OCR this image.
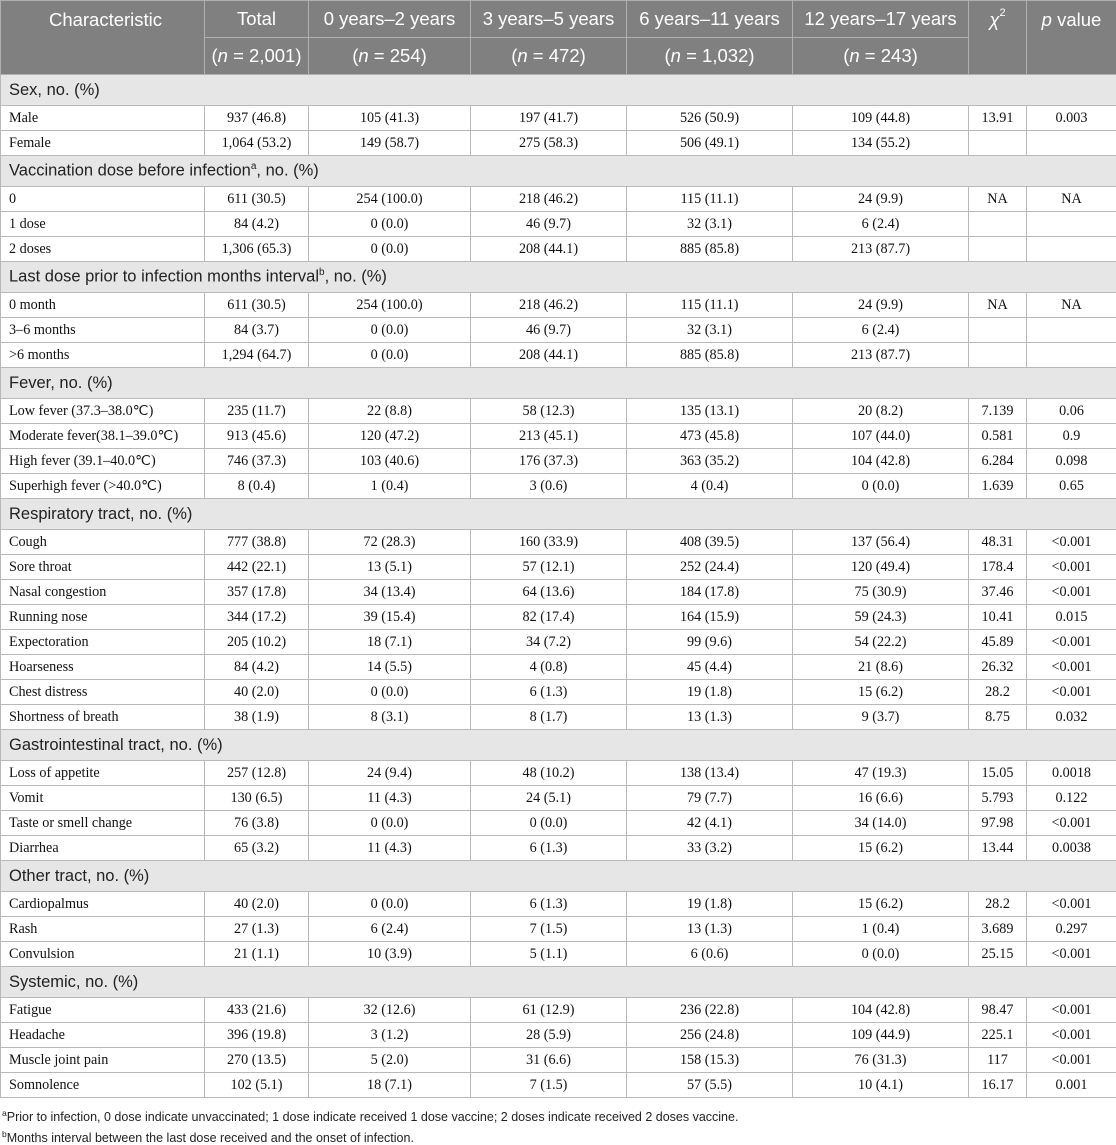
Characteristic	Total	0 years–2 years	3 years–5 years	6 years–11 years	12 years–17 years	$\chi^2$	p value
	(n = 2,001)	(n = 254)	(n = 472)	(n = 1,032)	(n = 243)		
Sex, no. (%)							
Male	937 (46.8)	105 (41.3)	197 (41.7)	526 (50.9)	109 (44.8)	13.91	0.003
Female	1,064 (53.2)	149 (58.7)	275 (58.3)	506 (49.1)	134 (55.2)		
Vaccination dose before infection$^a$, no. (%)							
0	611 (30.5)	254 (100.0)	218 (46.2)	115 (11.1)	24 (9.9)	NA	NA
1 dose	84 (4.2)	0 (0.0)	46 (9.7)	32 (3.1)	6 (2.4)		
2 doses	1,306 (65.3)	0 (0.0)	208 (44.1)	885 (85.8)	213 (87.7)		
Last dose prior to infection months interval$^b$, no. (%)							
0 month	611 (30.5)	254 (100.0)	218 (46.2)	115 (11.1)	24 (9.9)	NA	NA
3–6 months	84 (3.7)	0 (0.0)	46 (9.7)	32 (3.1)	6 (2.4)		
>6 months	1,294 (64.7)	0 (0.0)	208 (44.1)	885 (85.8)	213 (87.7)		
Fever, no. (%)							
Low fever (37.3–38.0℃)	235 (11.7)	22 (8.8)	58 (12.3)	135 (13.1)	20 (8.2)	7.139	0.06
Moderate fever(38.1–39.0℃)	913 (45.6)	120 (47.2)	213 (45.1)	473 (45.8)	107 (44.0)	0.581	0.9
High fever (39.1–40.0℃)	746 (37.3)	103 (40.6)	176 (37.3)	363 (35.2)	104 (42.8)	6.284	0.098
Superhigh fever (>40.0℃)	8 (0.4)	1 (0.4)	3 (0.6)	4 (0.4)	0 (0.0)	1.639	0.65
Respiratory tract, no. (%)							
Cough	777 (38.8)	72 (28.3)	160 (33.9)	408 (39.5)	137 (56.4)	48.31	<0.001
Sore throat	442 (22.1)	13 (5.1)	57 (12.1)	252 (24.4)	120 (49.4)	178.4	<0.001
Nasal congestion	357 (17.8)	34 (13.4)	64 (13.6)	184 (17.8)	75 (30.9)	37.46	<0.001
Running nose	344 (17.2)	39 (15.4)	82 (17.4)	164 (15.9)	59 (24.3)	10.41	0.015
Expectoration	205 (10.2)	18 (7.1)	34 (7.2)	99 (9.6)	54 (22.2)	45.89	<0.001
Hoarseness	84 (4.2)	14 (5.5)	4 (0.8)	45 (4.4)	21 (8.6)	26.32	<0.001
Chest distress	40 (2.0)	0 (0.0)	6 (1.3)	19 (1.8)	15 (6.2)	28.2	<0.001
Shortness of breath	38 (1.9)	8 (3.1)	8 (1.7)	13 (1.3)	9 (3.7)	8.75	0.032
Gastrointestinal tract, no. (%)							
Loss of appetite	257 (12.8)	24 (9.4)	48 (10.2)	138 (13.4)	47 (19.3)	15.05	0.0018
Vomit	130 (6.5)	11 (4.3)	24 (5.1)	79 (7.7)	16 (6.6)	5.793	0.122
Taste or smell change	76 (3.8)	0 (0.0)	0 (0.0)	42 (4.1)	34 (14.0)	97.98	<0.001
Diarrhea	65 (3.2)	11 (4.3)	6 (1.3)	33 (3.2)	15 (6.2)	13.44	0.0038
Other tract, no. (%)							
Cardiopalmus	40 (2.0)	0 (0.0)	6 (1.3)	19 (1.8)	15 (6.2)	28.2	<0.001
Rash	27 (1.3)	6 (2.4)	7 (1.5)	13 (1.3)	1 (0.4)	3.689	0.297
Convulsion	21 (1.1)	10 (3.9)	5 (1.1)	6 (0.6)	0 (0.0)	25.15	<0.001
Systemic, no. (%)							
Fatigue	433 (21.6)	32 (12.6)	61 (12.9)	236 (22.8)	104 (42.8)	98.47	<0.001
Headache	396 (19.8)	3 (1.2)	28 (5.9)	256 (24.8)	109 (44.9)	225.1	<0.001
Muscle joint pain	270 (13.5)	5 (2.0)	31 (6.6)	158 (15.3)	76 (31.3)	117	<0.001
Somnolence	102 (5.1)	18 (7.1)	7 (1.5)	57 (5.5)	10 (4.1)	16.17	0.001
$^a$Prior to infection, 0 dose indicate unvaccinated; 1 dose indicate received 1 dose vaccine; 2 doses indicate received 2 doses vaccine.
$^b$Months interval between the last dose received and the onset of infection.
